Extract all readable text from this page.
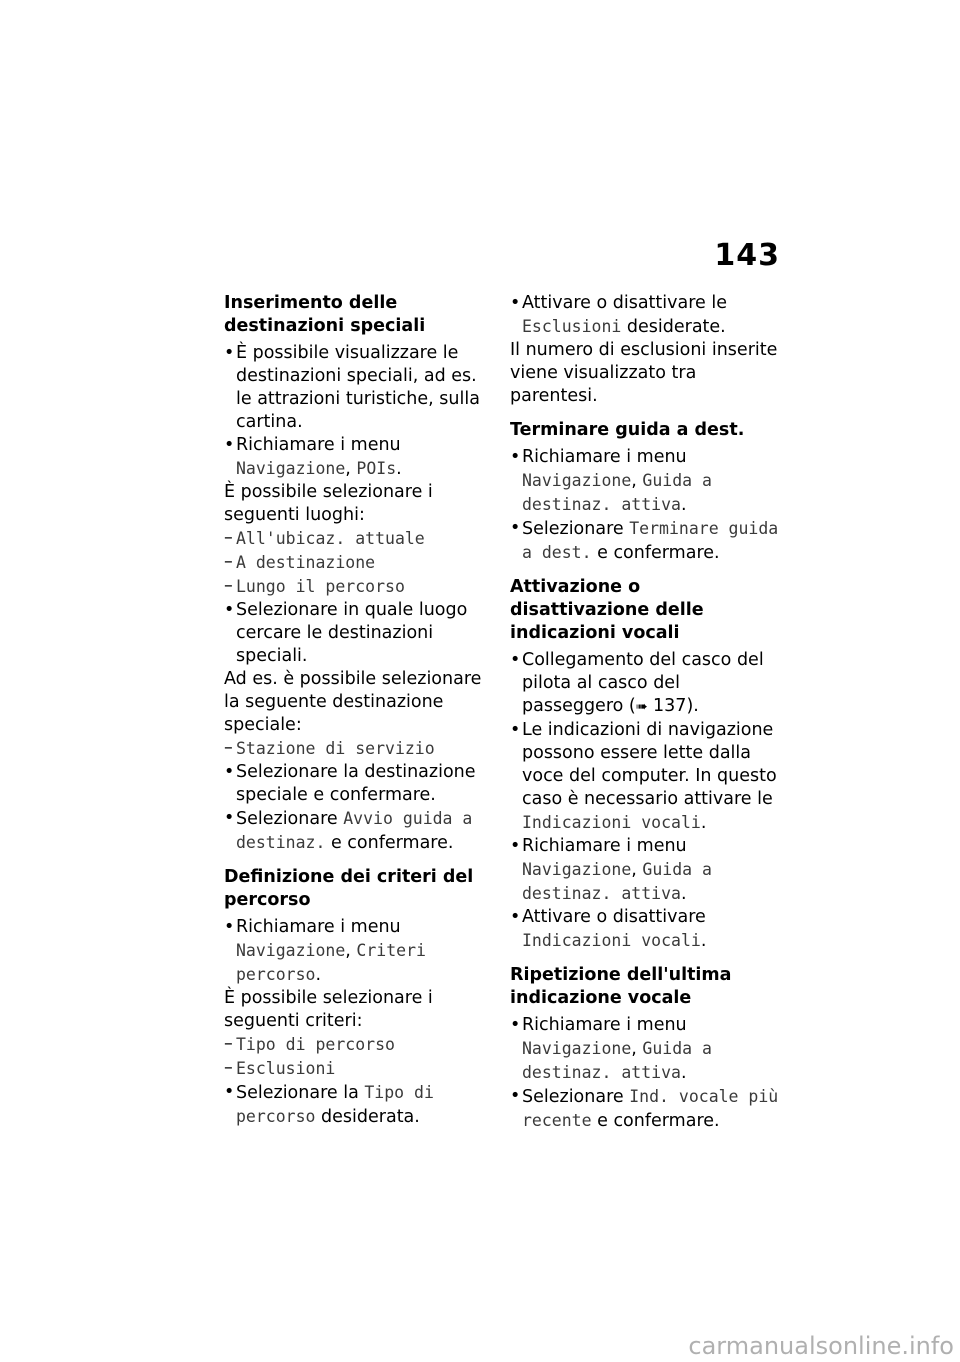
143
Inserimento delle destinazioni speciali
• È possibile visualizzare le destinazioni speciali, ad es. le attrazioni turistiche, sulla cartina.
• Richiamare i menu Navigazione, POIs.
È possibile selezionare i seguenti luoghi:
– All'ubicaz. attuale
– A destinazione
– Lungo il percorso
• Selezionare in quale luogo cercare le destinazioni speciali.
Ad es. è possibile selezionare la seguente destinazione speciale:
– Stazione di servizio
• Selezionare la destinazione speciale e confermare.
• Selezionare Avvio guida a destinaz. e confermare.
Definizione dei criteri del percorso
• Richiamare i menu Navigazione, Criteri percorso.
È possibile selezionare i seguenti criteri:
– Tipo di percorso
– Esclusioni
• Selezionare la Tipo di percorso desiderata.
• Attivare o disattivare le Esclusioni desiderate.
Il numero di esclusioni inserite viene visualizzato tra parentesi.
Terminare guida a dest.
• Richiamare i menu Navigazione, Guida a destinaz. attiva.
• Selezionare Terminare guida a dest. e confermare.
Attivazione o disattivazione delle indicazioni vocali
• Collegamento del casco del pilota al casco del passeggero (➠ 137).
• Le indicazioni di navigazione possono essere lette dalla voce del computer. In questo caso è necessario attivare le Indicazioni vocali.
• Richiamare i menu Navigazione, Guida a destinaz. attiva.
• Attivare o disattivare Indicazioni vocali.
Ripetizione dell'ultima indicazione vocale
• Richiamare i menu Navigazione, Guida a destinaz. attiva.
• Selezionare Ind. vocale più recente e confermare.
carmanualsonline.info
